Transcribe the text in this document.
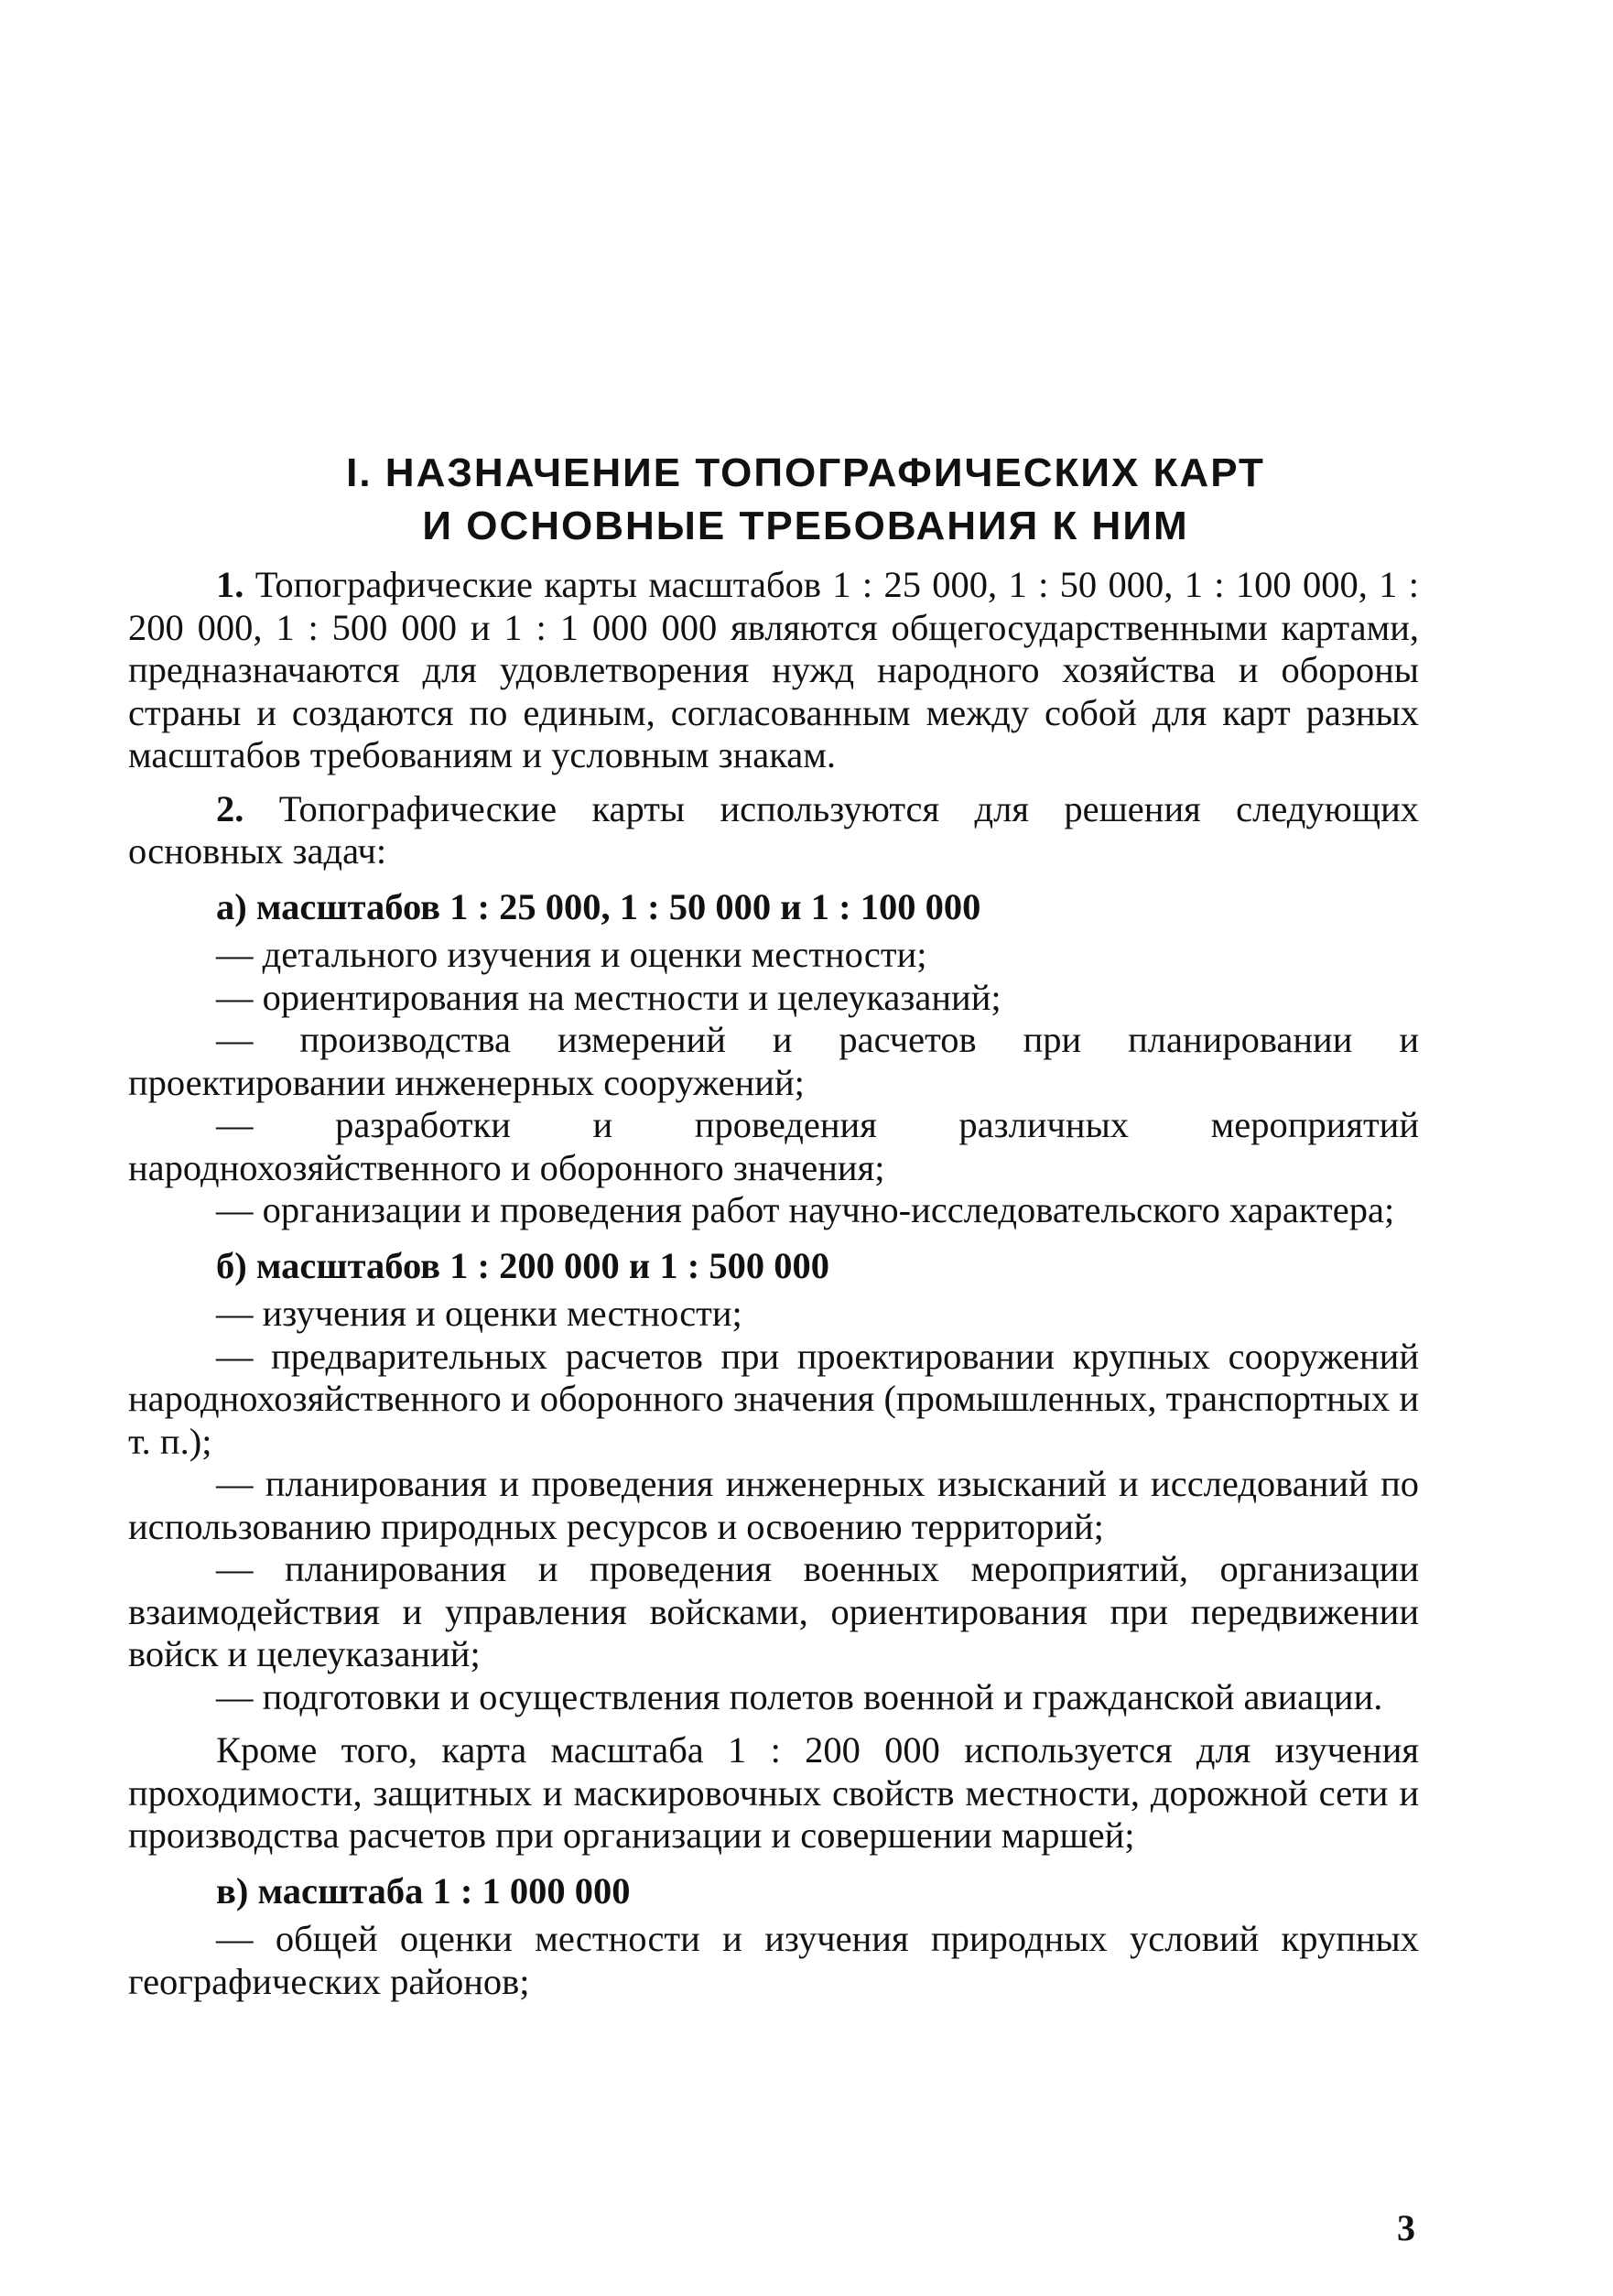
I. НАЗНАЧЕНИЕ ТОПОГРАФИЧЕСКИХ КАРТ
И ОСНОВНЫЕ ТРЕБОВАНИЯ К НИМ

1. Топографические карты масштабов 1 : 25 000, 1 : 50 000, 1 : 100 000, 1 : 200 000, 1 : 500 000 и 1 : 1 000 000 являются общегосударственными картами, предназначаются для удовлетворения нужд народного хозяйства и обороны страны и создаются по единым, согласованным между собой для карт разных масштабов требованиям и условным знакам.

2. Топографические карты используются для решения следующих основных задач:

а) масштабов 1 : 25 000, 1 : 50 000 и 1 : 100 000

— детального изучения и оценки местности;

— ориентирования на местности и целеуказаний;

— производства измерений и расчетов при планировании и проектировании инженерных сооружений;

— разработки и проведения различных мероприятий народнохозяйственного и оборонного значения;

— организации и проведения работ научно-исследовательского характера;

б) масштабов 1 : 200 000 и 1 : 500 000

— изучения и оценки местности;

— предварительных расчетов при проектировании крупных сооружений народнохозяйственного и оборонного значения (промышленных, транспортных и т. п.);

— планирования и проведения инженерных изысканий и исследований по использованию природных ресурсов и освоению территорий;

— планирования и проведения военных мероприятий, организации взаимодействия и управления войсками, ориентирования при передвижении войск и целеуказаний;

— подготовки и осуществления полетов военной и гражданской авиации.

Кроме того, карта масштаба 1 : 200 000 используется для изучения проходимости, защитных и маскировочных свойств местности, дорожной сети и производства расчетов при организации и совершении маршей;

в) масштаба 1 : 1 000 000

— общей оценки местности и изучения природных условий крупных географических районов;

3
